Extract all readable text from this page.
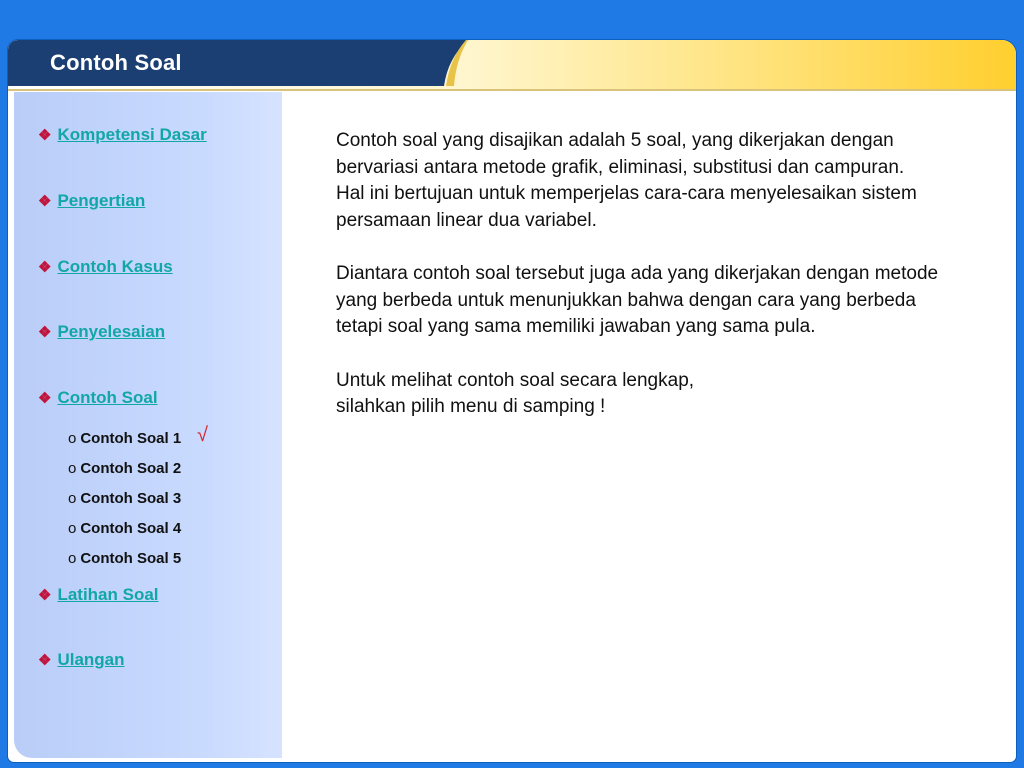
Contoh Soal
❖ Kompetensi Dasar
❖ Pengertian
❖ Contoh Kasus
❖ Penyelesaian
❖ Contoh Soal
√
o Contoh Soal 1
o Contoh Soal 2
o Contoh Soal 3
o Contoh Soal 4
o Contoh Soal 5
❖ Latihan Soal
❖ Ulangan

Contoh soal yang disajikan adalah 5 soal, yang dikerjakan dengan bervariasi antara metode grafik, eliminasi, substitusi dan campuran.
Hal ini bertujuan untuk memperjelas cara-cara menyelesaikan sistem persamaan linear dua variabel.

Diantara contoh soal tersebut juga ada yang dikerjakan dengan metode yang berbeda untuk menunjukkan bahwa dengan cara yang berbeda tetapi soal yang sama memiliki jawaban yang sama pula.

Untuk melihat contoh soal secara lengkap,
silahkan pilih menu di samping !
